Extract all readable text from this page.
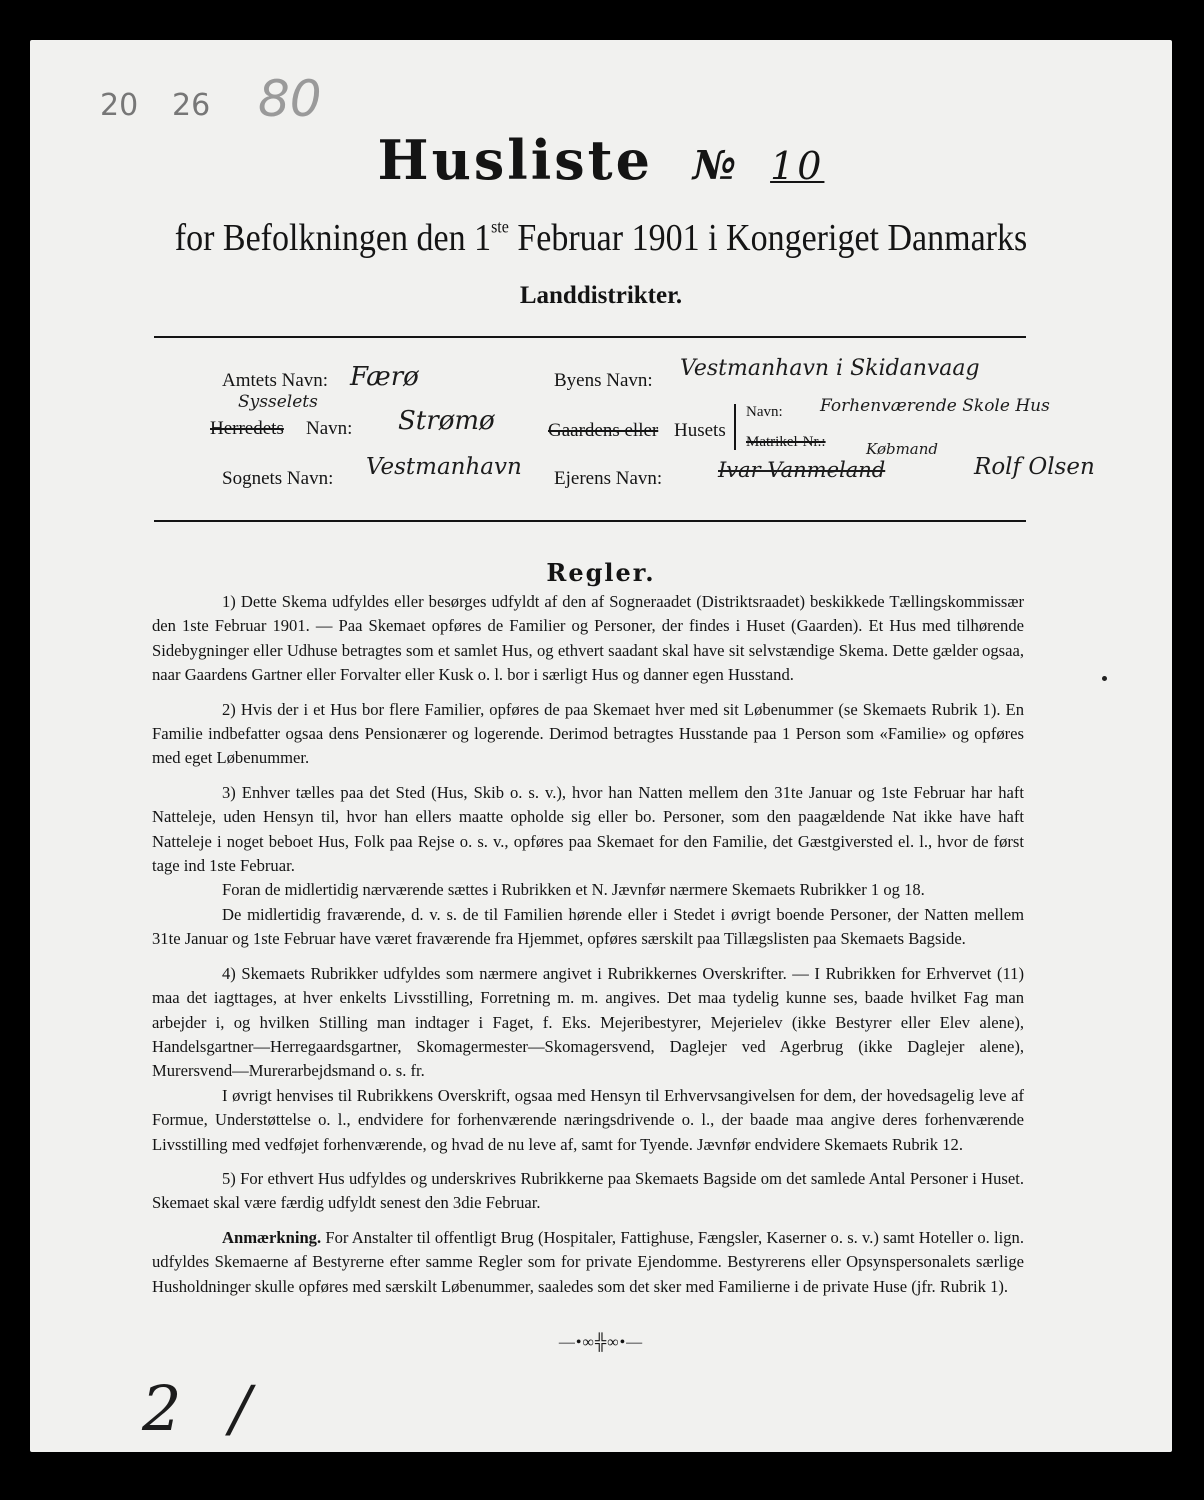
20 26 80
Husliste № 10
for Befolkningen den 1ste Februar 1901 i Kongeriget Danmarks
Landdistrikter.
Amtets Navn: Færø
Sysselets
Herredets Navn: Strømø
Sognets Navn: Vestmanhavn
Byens Navn: Vestmanhavn i Skidanvaag
Gaardens eller Husets
Navn: Forhenværende Skole Hus
Matrikel-Nr.:
Ejerens Navn:
Købmand
Ivar Vanmeland	Rolf Olsen
Regler.

1) Dette Skema udfyldes eller besørges udfyldt af den af Sogneraadet (Distriktsraadet) beskikkede Tællingskommissær den 1ste Februar 1901. — Paa Skemaet opføres de Familier og Personer, der findes i Huset (Gaarden). Et Hus med tilhørende Sidebygninger eller Udhuse betragtes som et samlet Hus, og ethvert saadant skal have sit selvstændige Skema. Dette gælder ogsaa, naar Gaardens Gartner eller Forvalter eller Kusk o. l. bor i særligt Hus og danner egen Husstand.

2) Hvis der i et Hus bor flere Familier, opføres de paa Skemaet hver med sit Løbenummer (se Skemaets Rubrik 1). En Familie indbefatter ogsaa dens Pensionærer og logerende. Derimod betragtes Husstande paa 1 Person som «Familie» og opføres med eget Løbenummer.

3) Enhver tælles paa det Sted (Hus, Skib o. s. v.), hvor han Natten mellem den 31te Januar og 1ste Februar har haft Natteleje, uden Hensyn til, hvor han ellers maatte opholde sig eller bo. Personer, som den paagældende Nat ikke have haft Natteleje i noget beboet Hus, Folk paa Rejse o. s. v., opføres paa Skemaet for den Familie, det Gæstgiversted el. l., hvor de først tage ind 1ste Februar.

Foran de midlertidig nærværende sættes i Rubrikken et N. Jævnfør nærmere Skemaets Rubrikker 1 og 18.

De midlertidig fraværende, d. v. s. de til Familien hørende eller i Stedet i øvrigt boende Personer, der Natten mellem 31te Januar og 1ste Februar have været fraværende fra Hjemmet, opføres særskilt paa Tillægslisten paa Skemaets Bagside.

4) Skemaets Rubrikker udfyldes som nærmere angivet i Rubrikkernes Overskrifter. — I Rubrikken for Erhvervet (11) maa det iagttages, at hver enkelts Livsstilling, Forretning m. m. angives. Det maa tydelig kunne ses, baade hvilket Fag man arbejder i, og hvilken Stilling man indtager i Faget, f. Eks. Mejeribestyrer, Mejerielev (ikke Bestyrer eller Elev alene), Handelsgartner—Herregaardsgartner, Skomagermester—Skomagersvend, Daglejer ved Agerbrug (ikke Daglejer alene), Murersvend—Murerarbejdsmand o. s. fr.

I øvrigt henvises til Rubrikkens Overskrift, ogsaa med Hensyn til Erhvervsangivelsen for dem, der hovedsagelig leve af Formue, Understøttelse o. l., endvidere for forhenværende næringsdrivende o. l., der baade maa angive deres forhenværende Livsstilling med vedføjet forhenværende, og hvad de nu leve af, samt for Tyende. Jævnfør endvidere Skemaets Rubrik 12.

5) For ethvert Hus udfyldes og underskrives Rubrikkerne paa Skemaets Bagside om det samlede Antal Personer i Huset. Skemaet skal være færdig udfyldt senest den 3die Februar.

Anmærkning. For Anstalter til offentligt Brug (Hospitaler, Fattighuse, Fængsler, Kaserner o. s. v.) samt Hoteller o. lign. udfyldes Skemaerne af Bestyrerne efter samme Regler som for private Ejendomme. Bestyrerens eller Opsynspersonalets særlige Husholdninger skulle opføres med særskilt Løbenummer, saaledes som det sker med Familierne i de private Huse (jfr. Rubrik 1).

—•∞╬∞•—
2 /
